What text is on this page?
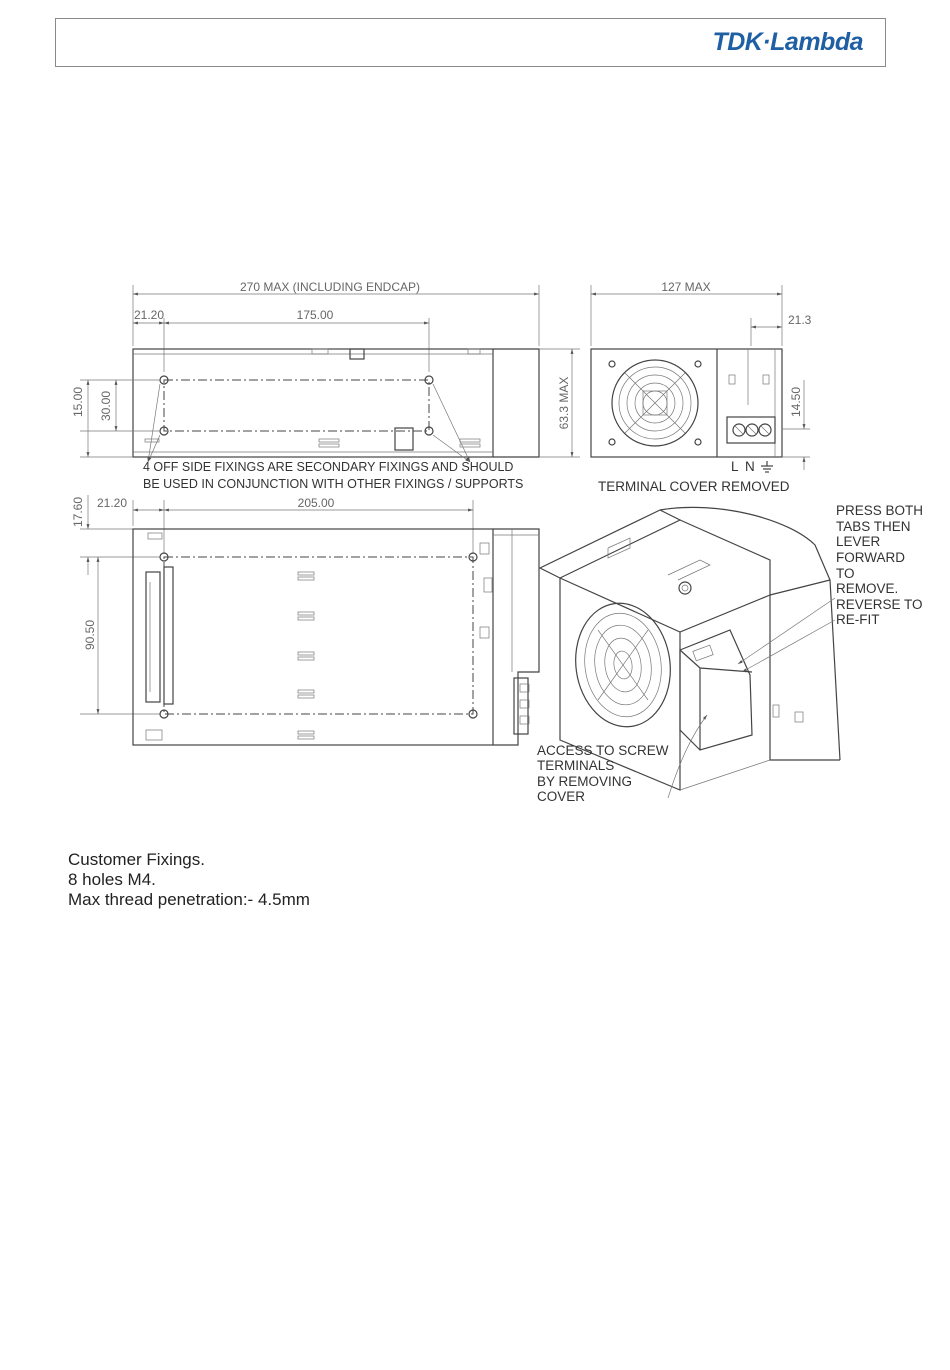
TDK·Lambda
270 MAX (INCLUDING ENDCAP)
21.20	175.00
15.00 30.00	63.3 MAX
4 OFF SIDE FIXINGS ARE SECONDARY FIXINGS AND SHOULD
BE USED IN CONJUNCTION WITH OTHER FIXINGS / SUPPORTS
127 MAX
21.3
14.50
L N
TERMINAL COVER REMOVED
21.20	205.00
17.60
90.50
PRESS BOTH
TABS THEN
LEVER
FORWARD
TO
REMOVE.
REVERSE TO
RE-FIT
ACCESS TO SCREW
TERMINALS
BY REMOVING
COVER
Customer Fixings.
8 holes M4.
Max thread penetration:- 4.5mm
